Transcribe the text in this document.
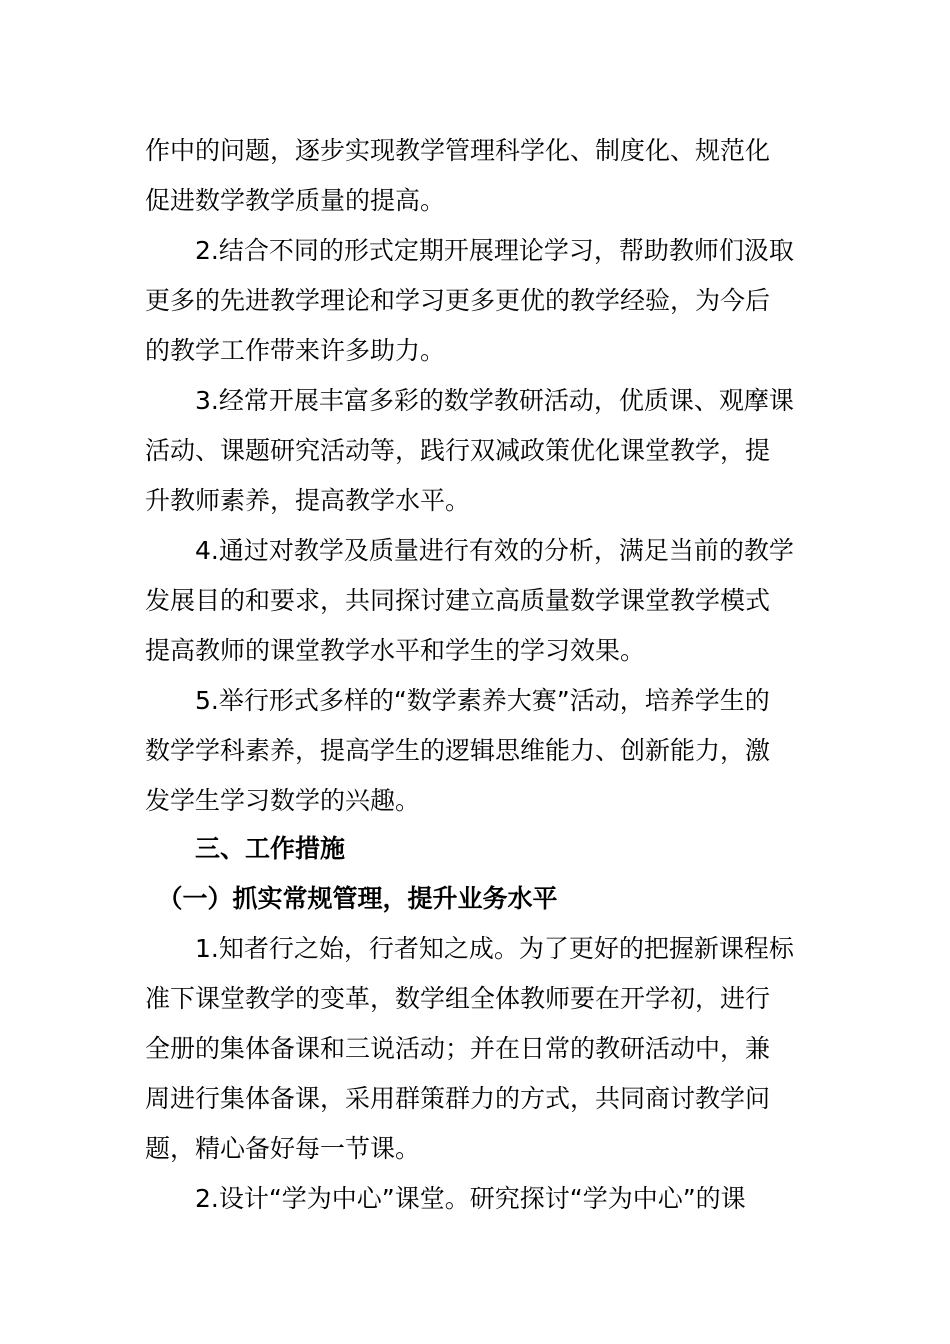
作中的问题，逐步实现教学管理科学化、制度化、规范化
促进数学教学质量的提高。
　　2.结合不同的形式定期开展理论学习，帮助教师们汲取
更多的先进教学理论和学习更多更优的教学经验，为今后
的教学工作带来许多助力。
　　3.经常开展丰富多彩的数学教研活动，优质课、观摩课
活动、课题研究活动等，践行双减政策优化课堂教学，提
升教师素养，提高教学水平。
　　4.通过对教学及质量进行有效的分析，满足当前的教学
发展目的和要求，共同探讨建立高质量数学课堂教学模式
提高教师的课堂教学水平和学生的学习效果。
　　5.举行形式多样的“数学素养大赛”活动，培养学生的
数学学科素养，提高学生的逻辑思维能力、创新能力，激
发学生学习数学的兴趣。
　　三、工作措施
　（一）抓实常规管理，提升业务水平
　　1.知者行之始，行者知之成。为了更好的把握新课程标
准下课堂教学的变革，数学组全体教师要在开学初，进行
全册的集体备课和三说活动；并在日常的教研活动中，兼
周进行集体备课，采用群策群力的方式，共同商讨教学问
题，精心备好每一节课。
　　2.设计“学为中心”课堂。研究探讨“学为中心”的课
